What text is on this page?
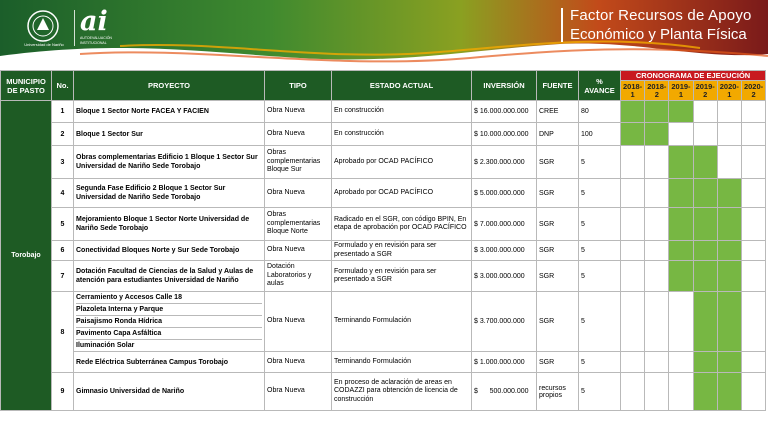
Universidad de Nariño
ai
AUTOEVALUACIÓN INSTITUCIONAL
Factor Recursos de Apoyo
Económico y Planta Física
MUNICIPIO DE PASTO	No.	PROYECTO	TIPO	ESTADO ACTUAL	INVERSIÓN	FUENTE	% AVANCE	CRONOGRAMA DE EJECUCIÓN					
								2018-1	2018-2	2019-1	2019-2	2020-1	2020-2
Torobajo	1	Bloque 1 Sector Norte FACEA Y FACIEN	Obra Nueva	En construcción	$ 16.000.000.000	CREE	80						
	2	Bloque 1 Sector Sur	Obra Nueva	En construcción	$ 10.000.000.000	DNP	100						
	3	Obras complementarias Edificio 1 Bloque 1 Sector Sur Universidad de Nariño Sede Torobajo	Obras complementarias Bloque Sur	Aprobado por OCAD PACÍFICO	$ 2.300.000.000	SGR	5						
	4	Segunda Fase Edificio 2 Bloque 1 Sector Sur Universidad de Nariño Sede Torobajo	Obra Nueva	Aprobado por OCAD PACÍFICO	$ 5.000.000.000	SGR	5						
	5	Mejoramiento Bloque 1 Sector Norte Universidad de Nariño Sede Torobajo	Obras complementarias Bloque Norte	Radicado en el SGR, con código BPIN, En etapa de aprobación por OCAD PACÍFICO	$ 7.000.000.000	SGR	5						
	6	Conectividad Bloques Norte y Sur Sede Torobajo	Obra Nueva	Formulado y en revisión para ser presentado a SGR	$ 3.000.000.000	SGR	5						
	7	Dotación Facultad de Ciencias de la Salud y Aulas de atención para estudiantes Universidad de Nariño	Dotación Laboratorios y aulas	Formulado y en revisión para ser presentado a SGR	$ 3.000.000.000	SGR	5						
	8	Cerramiento y Accesos Calle 18
Plazoleta Interna y Parque
Paisajismo Ronda Hídrica
Pavimento Capa Asfáltica
Iluminación Solar	Obra Nueva	Terminando Formulación	$ 3.700.000.000	SGR	5						
		Rede Eléctrica Subterránea Campus Torobajo	Obra Nueva	Terminando Formulación	$ 1.000.000.000	SGR	5						
	9	Gimnasio Universidad de Nariño	Obra Nueva	En proceso de aclaración de areas en CODAZZI para obtención de licencia de construcción	$ 500.000.000	recursos propios	5						
